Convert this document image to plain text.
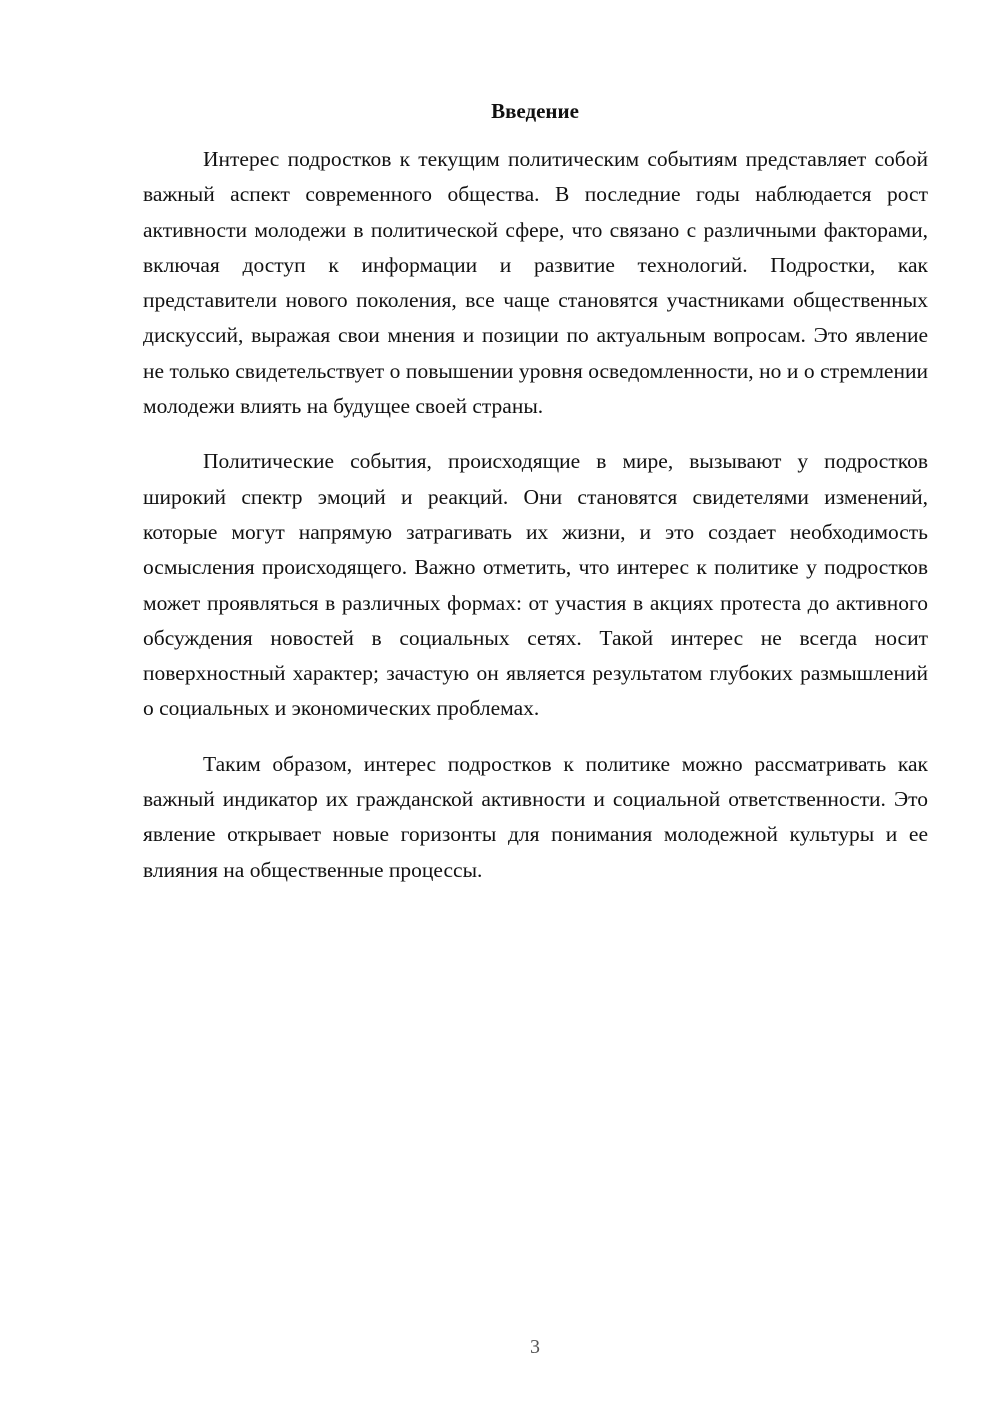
Введение

Интерес подростков к текущим политическим событиям представляет собой важный аспект современного общества. В последние годы наблюдается рост активности молодежи в политической сфере, что связано с различными факторами, включая доступ к информации и развитие технологий. Подростки, как представители нового поколения, все чаще становятся участниками общественных дискуссий, выражая свои мнения и позиции по актуальным вопросам. Это явление не только свидетельствует о повышении уровня осведомленности, но и о стремлении молодежи влиять на будущее своей страны.

Политические события, происходящие в мире, вызывают у подростков широкий спектр эмоций и реакций. Они становятся свидетелями изменений, которые могут напрямую затрагивать их жизни, и это создает необходимость осмысления происходящего. Важно отметить, что интерес к политике у подростков может проявляться в различных формах: от участия в акциях протеста до активного обсуждения новостей в социальных сетях. Такой интерес не всегда носит поверхностный характер; зачастую он является результатом глубоких размышлений о социальных и экономических проблемах.

Таким образом, интерес подростков к политике можно рассматривать как важный индикатор их гражданской активности и социальной ответственности. Это явление открывает новые горизонты для понимания молодежной культуры и ее влияния на общественные процессы.

3
